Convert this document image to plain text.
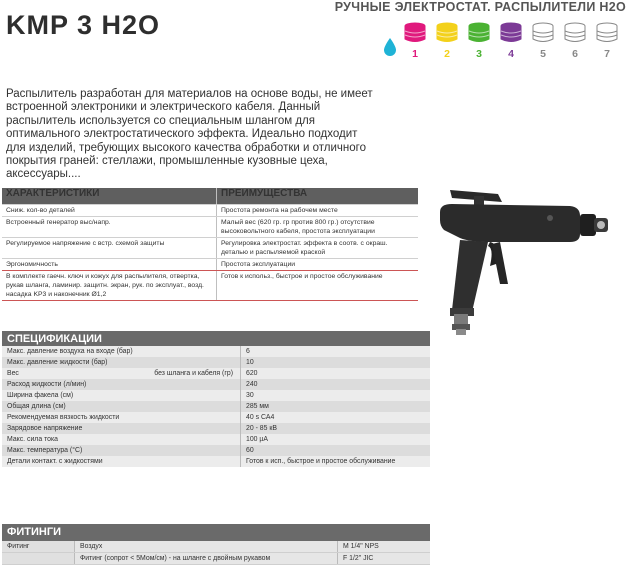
KMP 3 H2O
РУЧНЫЕ ЭЛЕКТРОСТАТ. РАСПЫЛИТЕЛИ H2O
1	2	3	4	5	6	7

Распылитель разработан для материалов на основе воды, не имеет встроенной электроники и электрического кабеля. Данный распылитель используется со специальным шлангом для оптимального электростатического эффекта. Идеально подходит для изделий, требующих высокого качества обработки и отличного покрытия граней: стеллажи, промышленные кузовные цеха, аксессуары....

ХАРАКТЕРИСТИКИ	ПРЕИМУЩЕСТВА
Сниж. кол-во деталей	Простота ремонта на рабочем месте
Встроенный генератор выс/напр.	Малый вес (620 гр. гр против 800 гр.) отсутствие высоковольтного кабеля, простота эксплуатации
Регулируемое напряжение с встр. схемой защиты	Регулировка электростат. эффекта в соотв. с окраш. деталью и распыляемой краской
Эргономичность	Простота эксплуатации
В комплекте гаечн. ключ и кожух для распылителя, отвертка, рукав шланга, ламинир. защитн. экран, рук. по эксплуат., возд. насадка KP3 и наконечник Ø1,2	Готов к использ., быстрое и простое обслуживание
СПЕЦИФИКАЦИИ
Макс. давление воздуха на входе (бар)	6
Макс. давление жидкости (бар)	10
Вес без шланга и кабеля (гр)	620
Расход жидкости (л/мин)	240
Ширина факела (см)	30
Общая длина (см)	285 мм
Рекомендуемая вязкость жидкости	40 s CA4
Зарядовое напряжение	20 - 85 кВ
Макс. сила тока	100 µA
Макс. температура (°C)	60
Детали контакт. с жидкостями	Готов к исп., быстрое и простое обслуживание
ФИТИНГИ
Фитинг	Воздух	M 1/4" NPS
	Фитинг (сопрот < 5Мом/см) - на шланге с двойным рукавом	F 1/2" JIC
